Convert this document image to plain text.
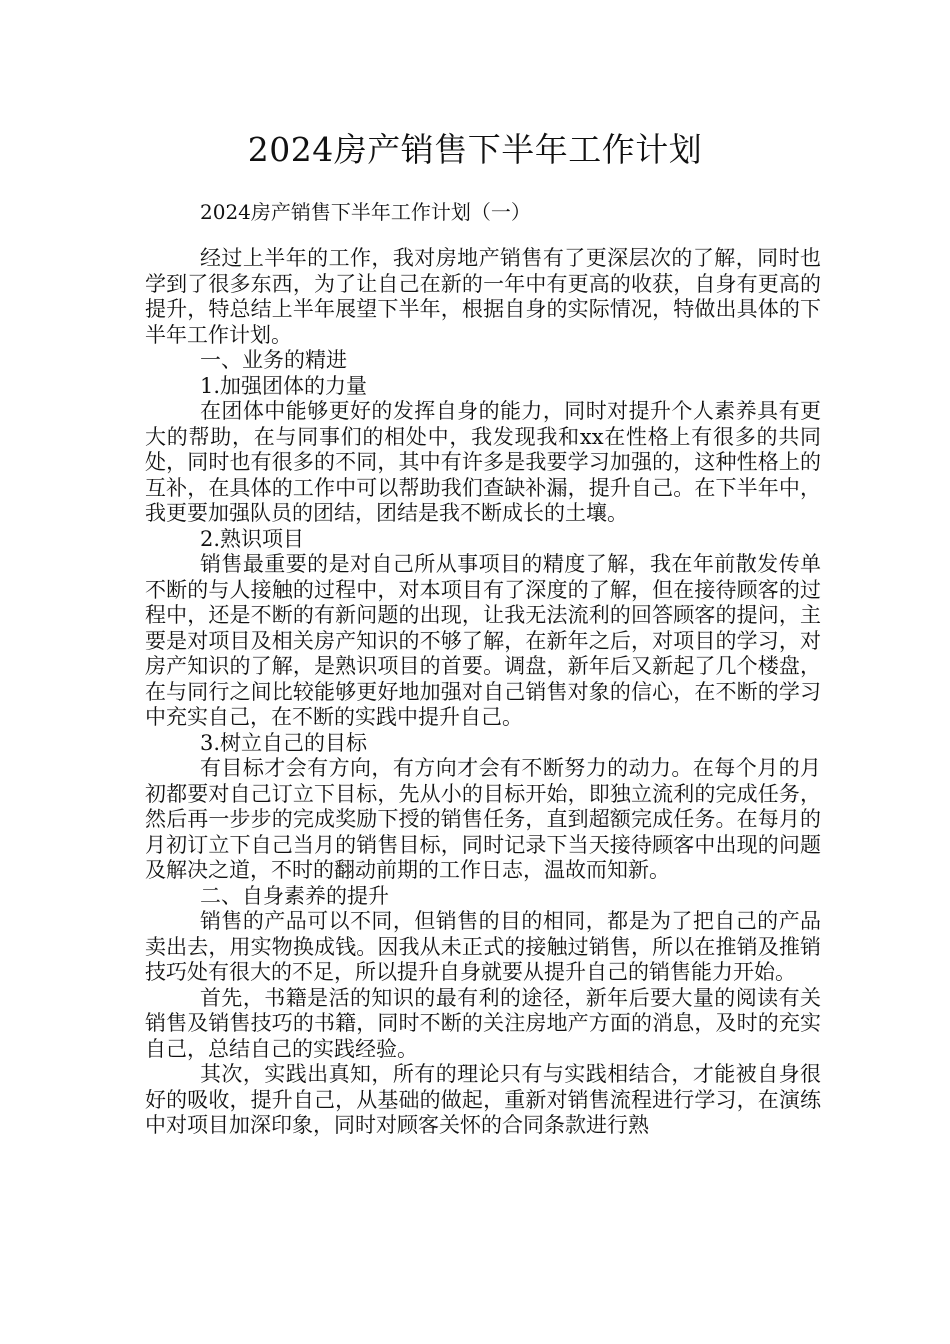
2024房产销售下半年工作计划
2024房产销售下半年工作计划（一）

经过上半年的工作，我对房地产销售有了更深层次的了解，同时也学到了很多东西，为了让自己在新的一年中有更高的收获，自身有更高的提升，特总结上半年展望下半年，根据自身的实际情况，特做出具体的下半年工作计划。

一、业务的精进

1.加强团体的力量

在团体中能够更好的发挥自身的能力，同时对提升个人素养具有更大的帮助，在与同事们的相处中，我发现我和xx在性格上有很多的共同处，同时也有很多的不同，其中有许多是我要学习加强的，这种性格上的互补，在具体的工作中可以帮助我们查缺补漏，提升自己。在下半年中，我更要加强队员的团结，团结是我不断成长的土壤。

2.熟识项目

销售最重要的是对自己所从事项目的精度了解，我在年前散发传单不断的与人接触的过程中，对本项目有了深度的了解，但在接待顾客的过程中，还是不断的有新问题的出现，让我无法流利的回答顾客的提问，主要是对项目及相关房产知识的不够了解，在新年之后，对项目的学习，对房产知识的了解，是熟识项目的首要。调盘，新年后又新起了几个楼盘，在与同行之间比较能够更好地加强对自己销售对象的信心，在不断的学习中充实自己，在不断的实践中提升自己。

3.树立自己的目标

有目标才会有方向，有方向才会有不断努力的动力。在每个月的月初都要对自己订立下目标，先从小的目标开始，即独立流利的完成任务，然后再一步步的完成奖励下授的销售任务，直到超额完成任务。在每月的月初订立下自己当月的销售目标，同时记录下当天接待顾客中出现的问题及解决之道，不时的翻动前期的工作日志，温故而知新。

二、自身素养的提升

销售的产品可以不同，但销售的目的相同，都是为了把自己的产品卖出去，用实物换成钱。因我从未正式的接触过销售，所以在推销及推销技巧处有很大的不足，所以提升自身就要从提升自己的销售能力开始。

首先，书籍是活的知识的最有利的途径，新年后要大量的阅读有关销售及销售技巧的书籍，同时不断的关注房地产方面的消息，及时的充实自己，总结自己的实践经验。

其次，实践出真知，所有的理论只有与实践相结合，才能被自身很好的吸收，提升自己，从基础的做起，重新对销售流程进行学习，在演练中对项目加深印象，同时对顾客关怀的合同条款进行熟
